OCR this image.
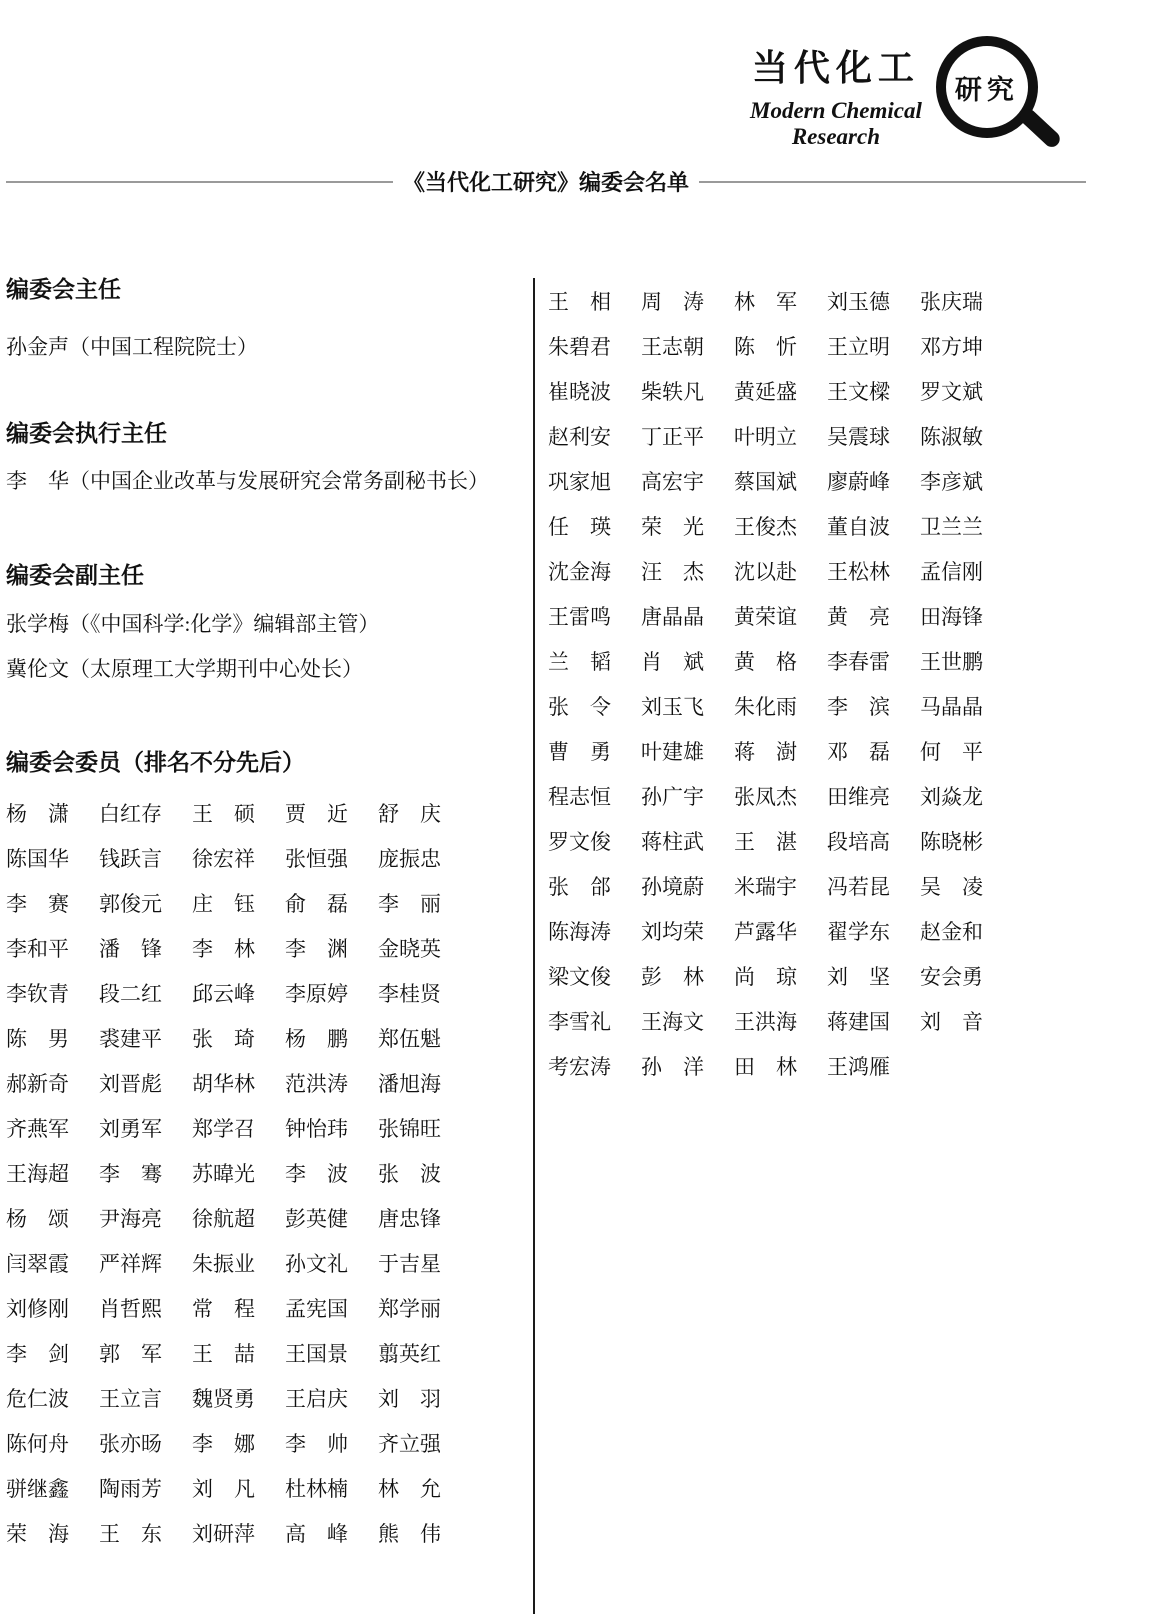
当代化工
Modern Chemical
Research
研究
《当代化工研究》编委会名单
编委会主任
孙金声（中国工程院院士）
编委会执行主任
李　华（中国企业改革与发展研究会常务副秘书长）
编委会副主任
张学梅（《中国科学:化学》编辑部主管）
冀伦文（太原理工大学期刊中心处长）
编委会委员（排名不分先后）
杨潇 白红存 王硕 贾近 舒庆
陈国华 钱跃言 徐宏祥 张恒强 庞振忠
李赛 郭俊元 庄钰 俞磊 李丽
李和平 潘锋 李林 李渊 金晓英
李钦青 段二红 邱云峰 李原婷 李桂贤
陈男 裘建平 张琦 杨鹏 郑伍魁
郝新奇 刘晋彪 胡华林 范洪涛 潘旭海
齐燕军 刘勇军 郑学召 钟怡玮 张锦旺
王海超 李骞 苏暐光 李波 张波
杨颂 尹海亮 徐航超 彭英健 唐忠锋
闫翠霞 严祥辉 朱振业 孙文礼 于吉星
刘修刚 肖哲熙 常程 孟宪国 郑学丽
李剑 郭军 王喆 王国景 翦英红
危仁波 王立言 魏贤勇 王启庆 刘羽
陈何舟 张亦旸 李娜 李帅 齐立强
骈继鑫 陶雨芳 刘凡 杜林楠 林允
荣海 王东 刘研萍 高峰 熊伟
王相 周涛 林军 刘玉德 张庆瑞
朱碧君 王志朝 陈忻 王立明 邓方坤
崔晓波 柴轶凡 黄延盛 王文樑 罗文斌
赵利安 丁正平 叶明立 吴震球 陈淑敏
巩家旭 高宏宇 蔡国斌 廖蔚峰 李彦斌
任瑛 荣光 王俊杰 董自波 卫兰兰
沈金海 汪杰 沈以赴 王松林 孟信刚
王雷鸣 唐晶晶 黄荣谊 黄亮 田海锋
兰韬 肖斌 黄格 李春雷 王世鹏
张令 刘玉飞 朱化雨 李滨 马晶晶
曹勇 叶建雄 蒋澍 邓磊 何平
程志恒 孙广宇 张凤杰 田维亮 刘焱龙
罗文俊 蒋柱武 王湛 段培高 陈晓彬
张郃 孙境蔚 米瑞宇 冯若昆 吴凌
陈海涛 刘均荣 芦露华 翟学东 赵金和
梁文俊 彭林 尚琼 刘坚 安会勇
李雪礼 王海文 王洪海 蒋建国 刘音
考宏涛 孙洋 田林 王鸿雁
